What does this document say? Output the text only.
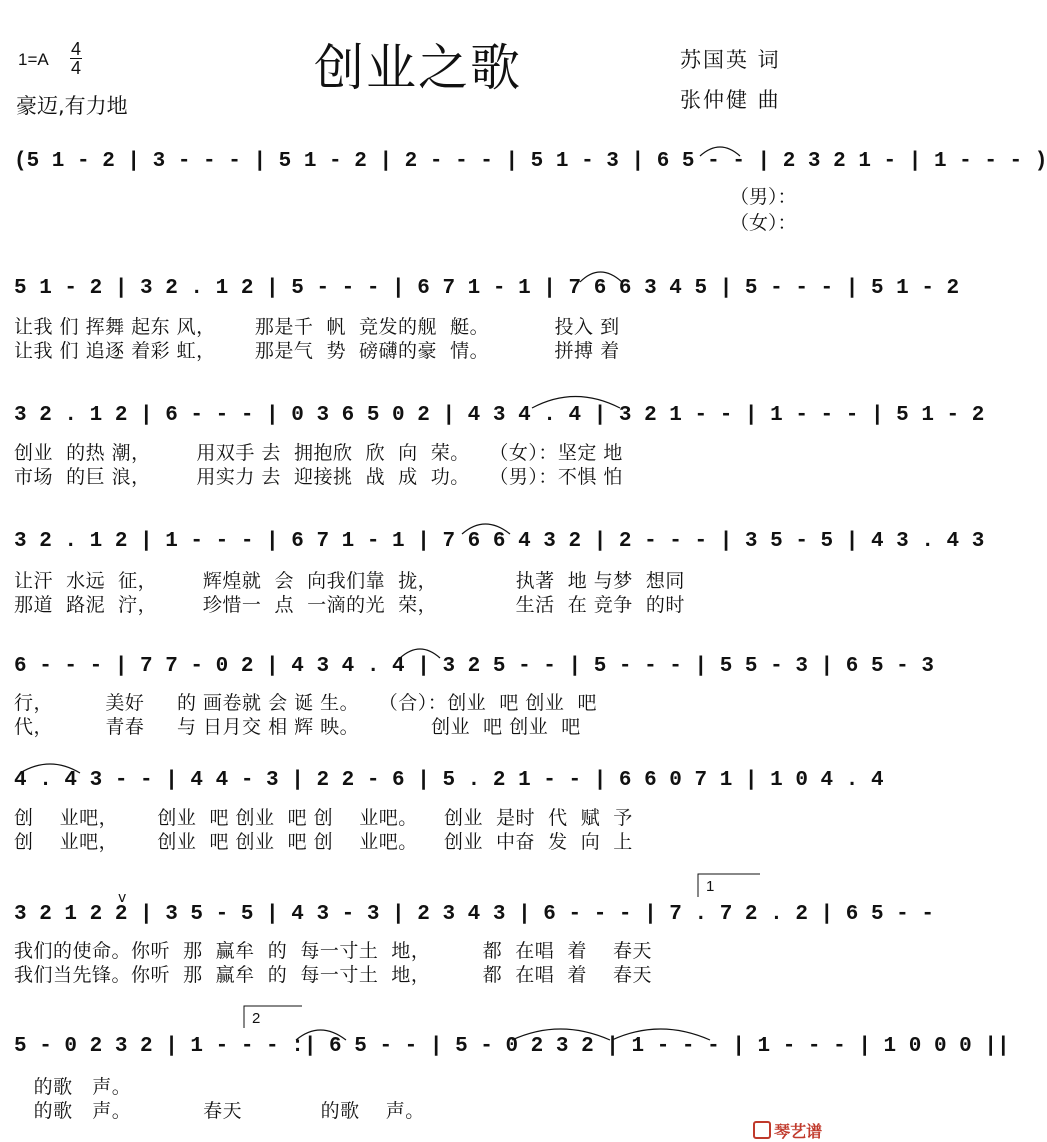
1=A
4
4	创业之歌
豪迈,有力地
苏国英 词
张仲健 曲
(5 1 - 2 | 3 - - - | 5 1 - 2 | 2 - - - | 5 1 - 3 | 6 5 - - | 2 3 2 1 - | 1 - - - )
（男）：
（女）：
5 1 - 2 | 3 2 . 1 2 | 5 - - - | 6 7 1 - 1 | 7 6 6 3 4 5 | 5 - - - | 5 1 - 2
让我 们 挥舞 起东 风，      那是千  帆  竞发的舰  艇。          投入 到
让我 们 追逐 着彩 虹，      那是气  势  磅礴的豪  情。          拼搏 着
3 2 . 1 2 | 6 - - - | 0 3 6 5 0 2 | 4 3 4 . 4 | 3 2 1 - - | 1 - - - | 5 1 - 2
创业  的热 潮，       用双手 去  拥抱欣  欣  向  荣。   （女）：坚定 地
市场  的巨 浪，       用实力 去  迎接挑  战  成  功。   （男）：不惧 怕
3 2 . 1 2 | 1 - - - | 6 7 1 - 1 | 7 6 6 4 3 2 | 2 - - - | 3 5 - 5 | 4 3 . 4 3
让汗  水远  征，       辉煌就  会  向我们靠  拢，            执著  地 与梦  想同
那道  路泥  泞，       珍惜一  点  一滴的光  荣，            生活  在 竞争  的时
6 - - - | 7 7 - 0 2 | 4 3 4 . 4 | 3 2 5 - - | 5 - - - | 5 5 - 3 | 6 5 - 3
行，        美好     的 画卷就 会 诞 生。   （合）：创业  吧 创业  吧
代，        青春     与 日月交 相 辉 映。           创业  吧 创业  吧
4 . 4 3 - - | 4 4 - 3 | 2 2 - 6 | 5 . 2 1 - - | 6 6 0 7 1 | 1 0 4 . 4
创    业吧，      创业  吧 创业  吧 创    业吧。    创业  是时  代  赋  予
创    业吧，      创业  吧 创业  吧 创    业吧。    创业  中奋  发  向  上
3 2 1 2 2 | 3 5 - 5 | 4 3 - 3 | 2 3 4 3 | 6 - - - | 7 . 7 2 . 2 | 6 5 - -
我们的使命。你听  那  赢牟  的  每一寸土  地，        都  在唱  着    春天
我们当先锋。你听  那  赢牟  的  每一寸土  地，        都  在唱  着    春天
v
1
5 - 0 2 3 2 | 1 - - - :| 6 5 - - | 5 - 0 2 3 2 | 1 - - - | 1 - - - | 1 0 0 0 ||
的歌   声。
的歌   声。           春天            的歌    声。
2

琴艺谱
